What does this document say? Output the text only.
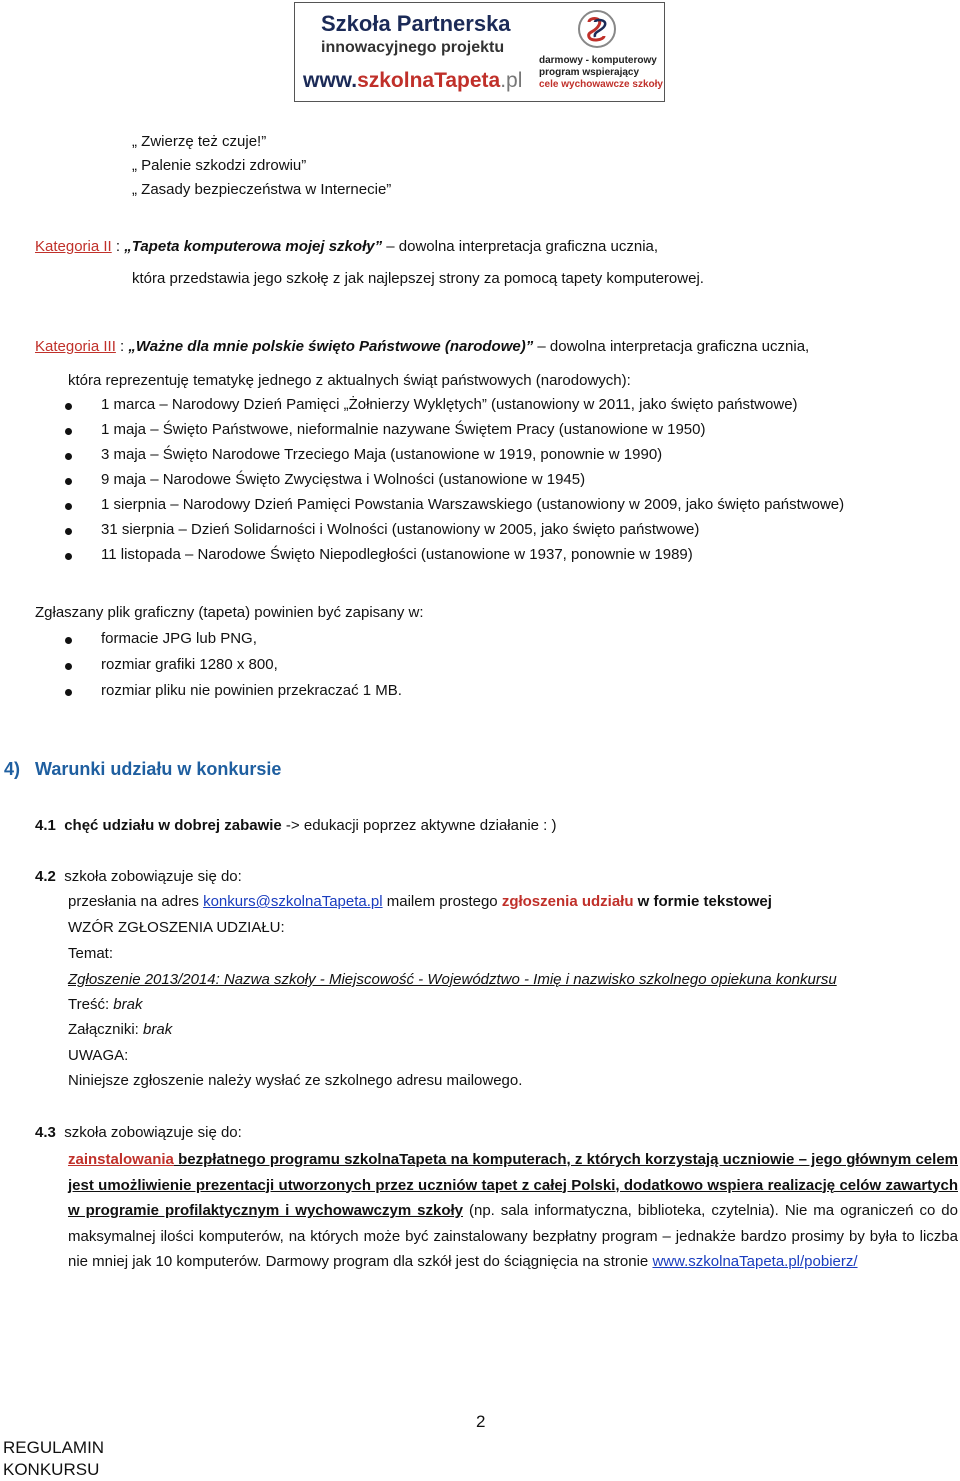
Szkoła Partnerska
innowacyjnego projektu
www.szkolnaTapeta.pl
darmowy - komputerowy
program wspierający
cele wychowawcze szkoły
„ Zwierzę też czuje!”
„ Palenie szkodzi zdrowiu”
„ Zasady bezpieczeństwa w Internecie”
Kategoria II : „Tapeta komputerowa mojej szkoły” – dowolna interpretacja graficzna ucznia,
która przedstawia jego szkołę z jak najlepszej strony za pomocą tapety komputerowej.
Kategoria III : „Ważne dla mnie polskie święto Państwowe (narodowe)” – dowolna interpretacja graficzna ucznia,
która reprezentuję tematykę jednego z aktualnych świąt państwowych (narodowych):
1 marca – Narodowy Dzień Pamięci „Żołnierzy Wyklętych” (ustanowiony w 2011, jako święto państwowe)
1 maja – Święto Państwowe, nieformalnie nazywane Świętem Pracy (ustanowione w 1950)
3 maja – Święto Narodowe Trzeciego Maja (ustanowione w 1919, ponownie w 1990)
9 maja – Narodowe Święto Zwycięstwa i Wolności (ustanowione w 1945)
1 sierpnia – Narodowy Dzień Pamięci Powstania Warszawskiego (ustanowiony w 2009, jako święto państwowe)
31 sierpnia – Dzień Solidarności i Wolności (ustanowiony w 2005, jako święto państwowe)
11 listopada – Narodowe Święto Niepodległości (ustanowione w 1937, ponownie w 1989)
Zgłaszany plik graficzny (tapeta) powinien być zapisany w:
formacie JPG lub PNG,
rozmiar grafiki 1280 x 800,
rozmiar pliku nie powinien przekraczać 1 MB.
4) Warunki udziału w konkursie
4.1 chęć udziału w dobrej zabawie -> edukacji poprzez aktywne działanie : )
4.2 szkoła zobowiązuje się do:
przesłania na adres konkurs@szkolnaTapeta.pl mailem prostego zgłoszenia udziału w formie tekstowej
WZÓR ZGŁOSZENIA UDZIAŁU:
Temat:
Zgłoszenie 2013/2014: Nazwa szkoły - Miejscowość - Województwo - Imię i nazwisko szkolnego opiekuna konkursu
Treść: brak
Załączniki: brak
UWAGA:
Niniejsze zgłoszenie należy wysłać ze szkolnego adresu mailowego.
4.3 szkoła zobowiązuje się do:
zainstalowania bezpłatnego programu szkolnaTapeta na komputerach, z których korzystają uczniowie – jego głównym celem jest umożliwienie prezentacji utworzonych przez uczniów tapet z całej Polski, dodatkowo wspiera realizację celów zawartych w programie profilaktycznym i wychowawczym szkoły (np. sala informatyczna, biblioteka, czytelnia). Nie ma ograniczeń co do maksymalnej ilości komputerów, na których może być zainstalowany bezpłatny program – jednakże bardzo prosimy by była to liczba nie mniej jak 10 komputerów. Darmowy program dla szkół jest do ściągnięcia na stronie www.szkolnaTapeta.pl/pobierz/
2
REGULAMIN
KONKURSU
